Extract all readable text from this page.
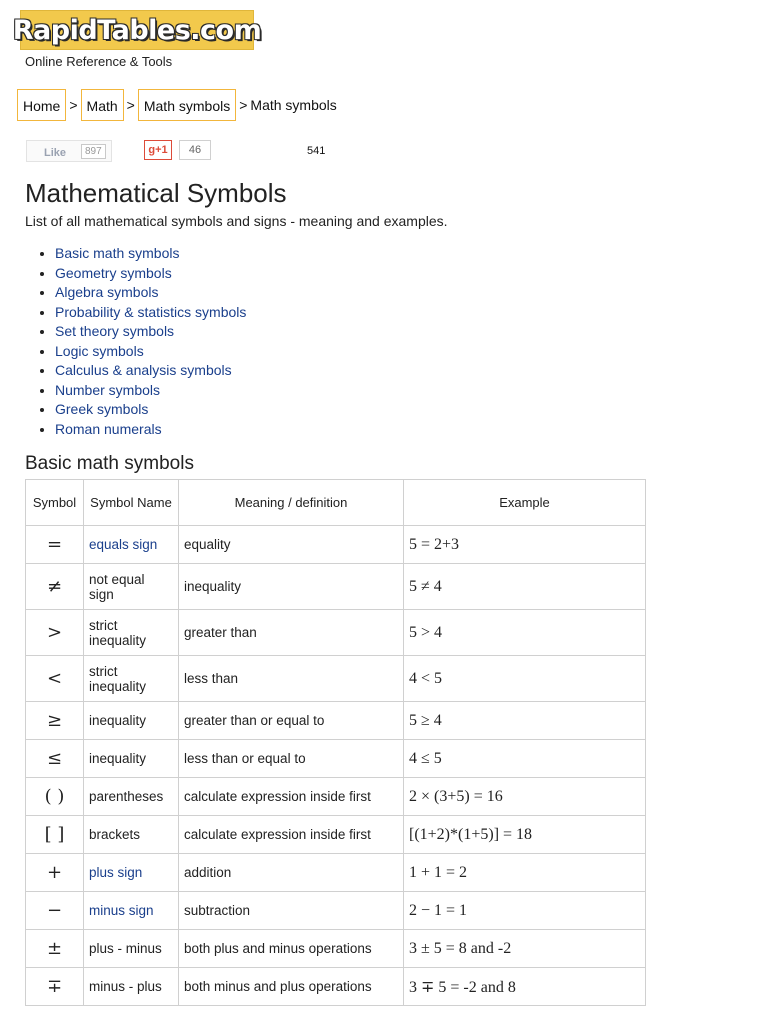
RapidTables.com
Online Reference & Tools
Home > Math > Math symbols > Math symbols
Like	897	g+1	46	541
Mathematical Symbols

List of all mathematical symbols and signs - meaning and examples.

• Basic math symbols
• Geometry symbols
• Algebra symbols
• Probability & statistics symbols
• Set theory symbols
• Logic symbols
• Calculus & analysis symbols
• Number symbols
• Greek symbols
• Roman numerals
Basic math symbols
Symbol	Symbol Name	Meaning / definition	Example
=	equals sign	equality	5 = 2+3
≠	not equal sign	inequality	5 ≠ 4
>	strict inequality	greater than	5 > 4
<	strict inequality	less than	4 < 5
≥	inequality	greater than or equal to	5 ≥ 4
≤	inequality	less than or equal to	4 ≤ 5
( )	parentheses	calculate expression inside first	2 × (3+5) = 16
[ ]	brackets	calculate expression inside first	[(1+2)*(1+5)] = 18
+	plus sign	addition	1 + 1 = 2
−	minus sign	subtraction	2 − 1 = 1
±	plus - minus	both plus and minus operations	3 ± 5 = 8 and -2
∓	minus - plus	both minus and plus operations	3 ∓ 5 = -2 and 8
